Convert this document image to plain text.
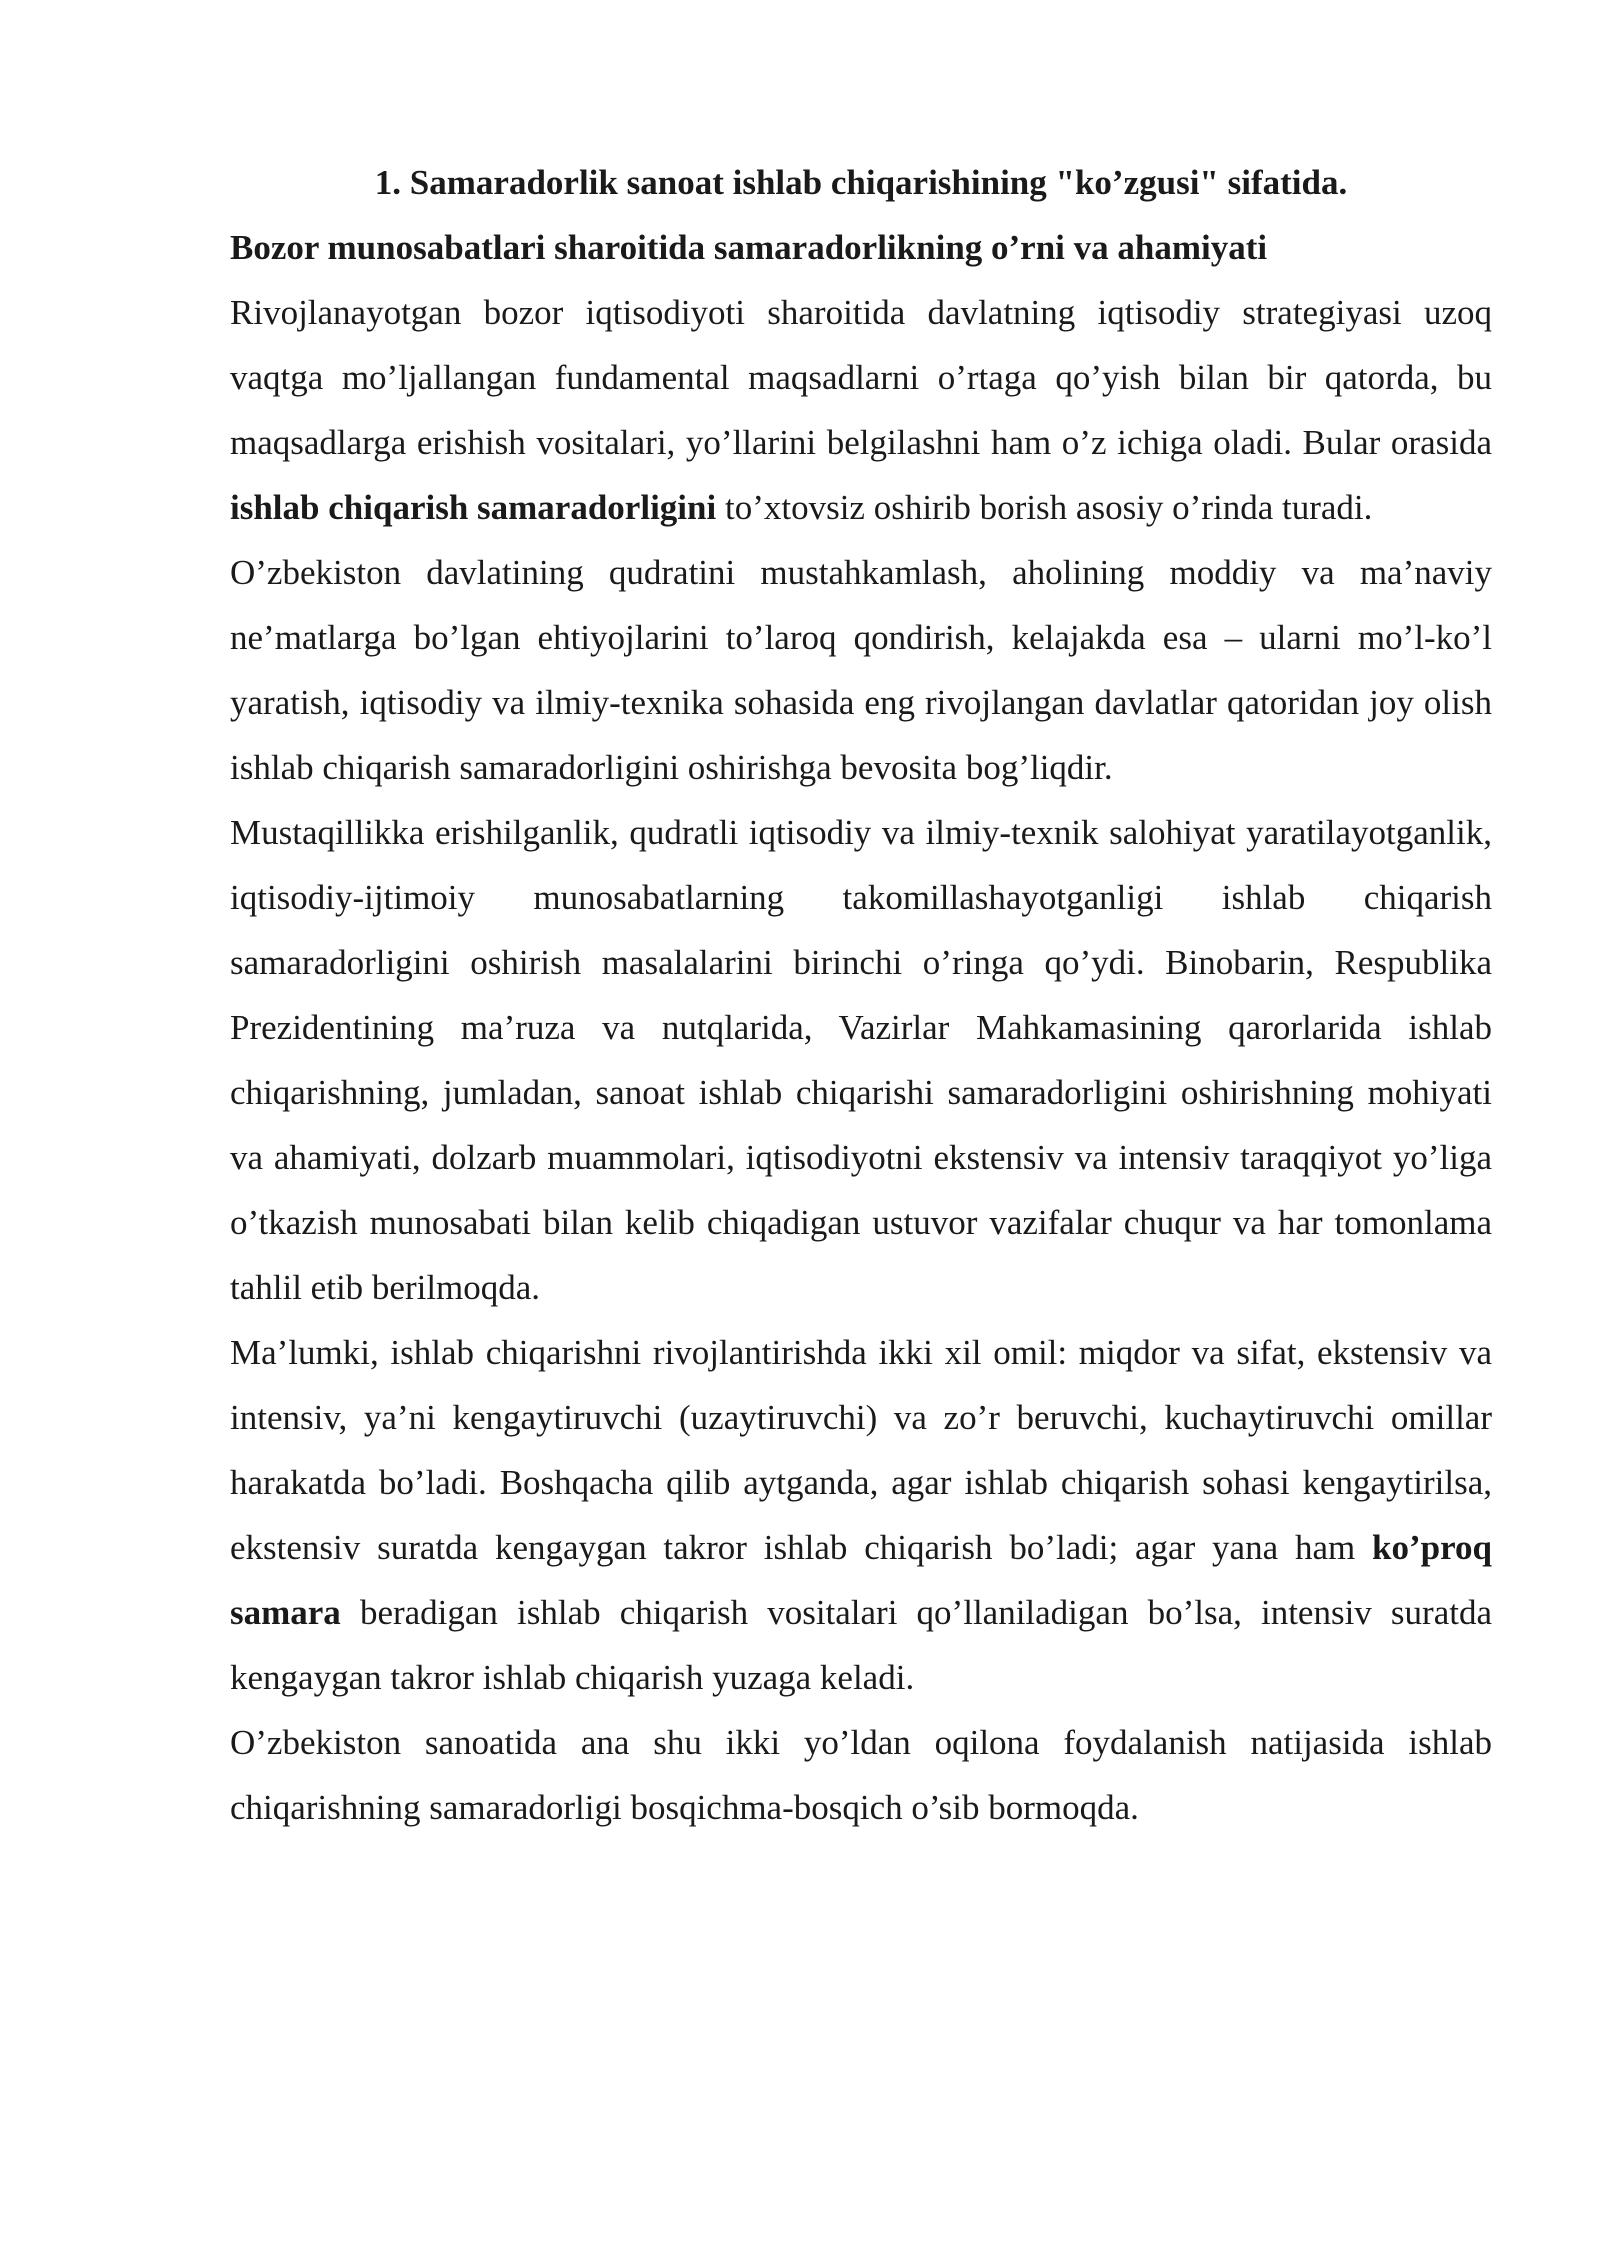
1. Samaradorlik sanoat ishlab chiqarishining "ko’zgusi" sifatida.

Bozor munosabatlari sharoitida samaradorlikning o’rni va ahamiyati

Rivojlanayotgan bozor iqtisodiyoti sharoitida davlatning iqtisodiy strategiyasi uzoq vaqtga mo’ljallangan fundamental maqsadlarni o’rtaga qo’yish bilan bir qatorda, bu maqsadlarga erishish vositalari, yo’llarini belgilashni ham o’z ichiga oladi. Bular orasida ishlab chiqarish samaradorligini to’xtovsiz oshirib borish asosiy o’rinda turadi.

O’zbekiston davlatining qudratini mustahkamlash, aholining moddiy va ma’naviy ne’matlarga bo’lgan ehtiyojlarini to’laroq qondirish, kelajakda esa – ularni mo’l-ko’l yaratish, iqtisodiy va ilmiy-texnika sohasida eng rivojlangan davlatlar qatoridan joy olish ishlab chiqarish samaradorligini oshirishga bevosita bog’liqdir.

Mustaqillikka erishilganlik, qudratli iqtisodiy va ilmiy-texnik salohiyat yaratilayotganlik, iqtisodiy-ijtimoiy munosabatlarning takomillashayotganligi ishlab chiqarish samaradorligini oshirish masalalarini birinchi o’ringa qo’ydi. Binobarin, Respublika Prezidentining ma’ruza va nutqlarida, Vazirlar Mahkamasining qarorlarida ishlab chiqarishning, jumladan, sanoat ishlab chiqarishi samaradorligini oshirishning mohiyati va ahamiyati, dolzarb muammolari, iqtisodiyotni ekstensiv va intensiv taraqqiyot yo’liga o’tkazish munosabati bilan kelib chiqadigan ustuvor vazifalar chuqur va har tomonlama tahlil etib berilmoqda.

Ma’lumki, ishlab chiqarishni rivojlantirishda ikki xil omil: miqdor va sifat, ekstensiv va intensiv, ya’ni kengaytiruvchi (uzaytiruvchi) va zo’r beruvchi, kuchaytiruvchi omillar harakatda bo’ladi. Boshqacha qilib aytganda, agar ishlab chiqarish sohasi kengaytirilsa, ekstensiv suratda kengaygan takror ishlab chiqarish bo’ladi; agar yana ham ko’proq samara beradigan ishlab chiqarish vositalari qo’llaniladigan bo’lsa, intensiv suratda kengaygan takror ishlab chiqarish yuzaga keladi.

O’zbekiston sanoatida ana shu ikki yo’ldan oqilona foydalanish natijasida ishlab chiqarishning samaradorligi bosqichma-bosqich o’sib bormoqda.
